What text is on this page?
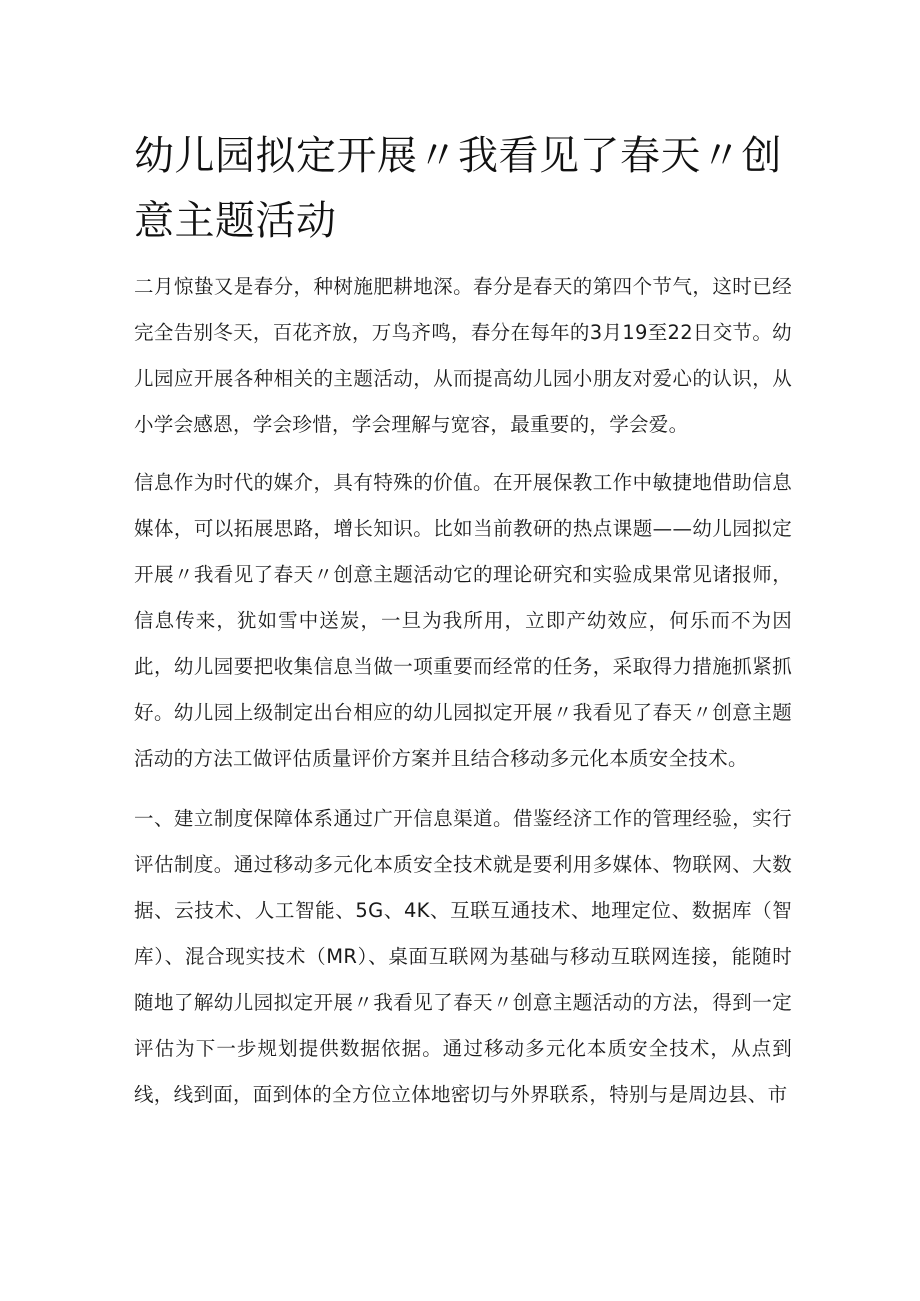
幼儿园拟定开展〃我看见了春天〃创意主题活动

二月惊蛰又是春分，种树施肥耕地深。春分是春天的第四个节气，这时已经完全告别冬天，百花齐放，万鸟齐鸣，春分在每年的3月19至22日交节。幼儿园应开展各种相关的主题活动，从而提高幼儿园小朋友对爱心的认识，从小学会感恩，学会珍惜，学会理解与宽容，最重要的，学会爱。

信息作为时代的媒介，具有特殊的价值。在开展保教工作中敏捷地借助信息媒体，可以拓展思路，增长知识。比如当前教研的热点课题——幼儿园拟定开展〃我看见了春天〃创意主题活动它的理论研究和实验成果常见诸报师，信息传来，犹如雪中送炭，一旦为我所用，立即产幼效应，何乐而不为因此，幼儿园要把收集信息当做一项重要而经常的任务，采取得力措施抓紧抓好。幼儿园上级制定出台相应的幼儿园拟定开展〃我看见了春天〃创意主题活动的方法工做评估质量评价方案并且结合移动多元化本质安全技术。

一、建立制度保障体系通过广开信息渠道。借鉴经济工作的管理经验，实行评估制度。通过移动多元化本质安全技术就是要利用多媒体、物联网、大数据、云技术、人工智能、5G、4K、互联互通技术、地理定位、数据库（智库）、混合现实技术（MR）、桌面互联网为基础与移动互联网连接，能随时随地了解幼儿园拟定开展〃我看见了春天〃创意主题活动的方法，得到一定评估为下一步规划提供数据依据。通过移动多元化本质安全技术，从点到线，线到面，面到体的全方位立体地密切与外界联系，特别与是周边县、市
